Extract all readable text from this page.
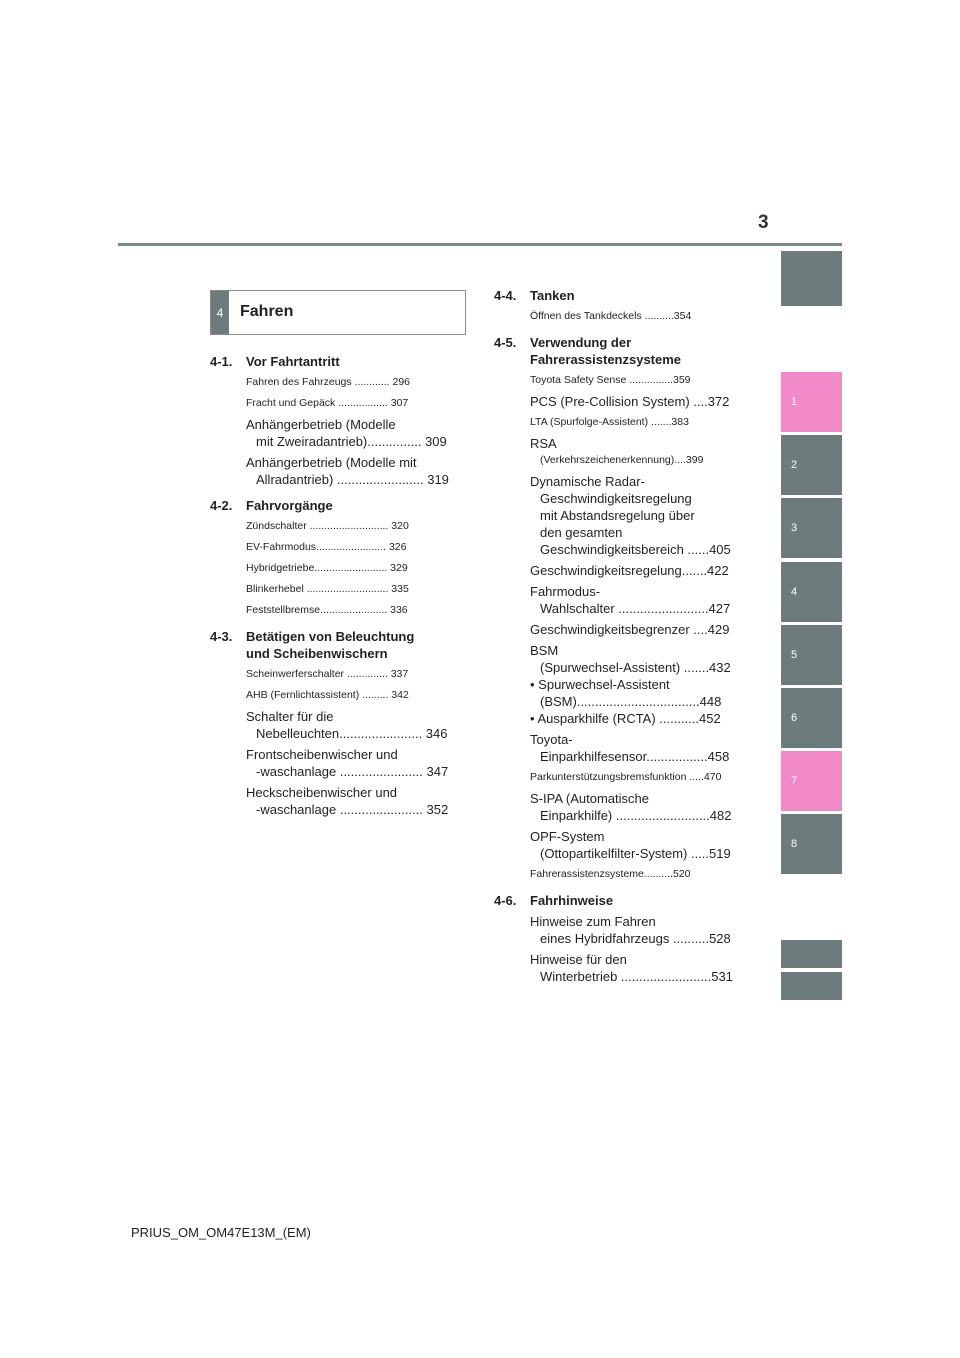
3
1
2
3
4
5
6
7
8
4	Fahren
4-1.	Vor Fahrtantritt
Fahren des Fahrzeugs ............ 296
Fracht und Gepäck ................. 307
Anhängerbetrieb (Modelle
mit Zweiradantrieb)............... 309
Anhängerbetrieb (Modelle mit
Allradantrieb) ........................ 319
4-2.	Fahrvorgänge
Zündschalter ........................... 320
EV-Fahrmodus........................ 326
Hybridgetriebe......................... 329
Blinkerhebel ............................ 335
Feststellbremse....................... 336
4-3.	Betätigen von Beleuchtung
und Scheibenwischern
Scheinwerferschalter .............. 337
AHB (Fernlichtassistent) ......... 342
Schalter für die
Nebelleuchten....................... 346
Frontscheibenwischer und
-waschanlage ....................... 347
Heckscheibenwischer und
-waschanlage ....................... 352
4-4.	Tanken
Öffnen des Tankdeckels ..........354
4-5.	Verwendung der
Fahrerassistenzsysteme
Toyota Safety Sense ...............359
PCS (Pre-Collision System) ....372
LTA (Spurfolge-Assistent) .......383
RSA
(Verkehrszeichenerkennung)....399
Dynamische Radar-
Geschwindigkeitsregelung
mit Abstandsregelung über
den gesamten
Geschwindigkeitsbereich ......405
Geschwindigkeitsregelung.......422
Fahrmodus-
Wahlschalter .........................427
Geschwindigkeitsbegrenzer ....429
BSM
(Spurwechsel-Assistent) .......432
• Spurwechsel-Assistent
(BSM)..................................448
• Ausparkhilfe (RCTA) ...........452
Toyota-
Einparkhilfesensor.................458
Parkunterstützungsbremsfunktion .....470
S-IPA (Automatische
Einparkhilfe) ..........................482
OPF-System
(Ottopartikelfilter-System) .....519
Fahrerassistenzsysteme..........520
4-6.	Fahrhinweise
Hinweise zum Fahren
eines Hybridfahrzeugs ..........528
Hinweise für den
Winterbetrieb .........................531
PRIUS_OM_OM47E13M_(EM)
